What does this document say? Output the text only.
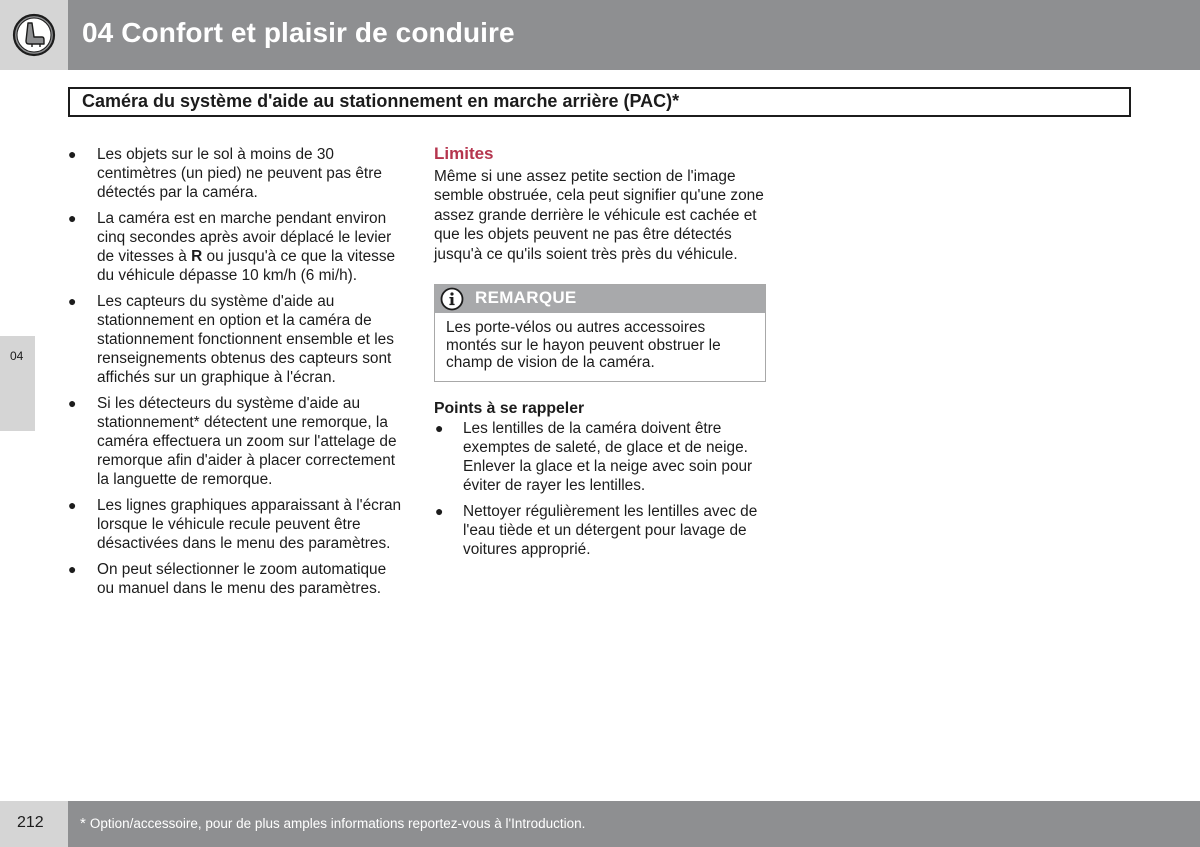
04 Confort et plaisir de conduire
Caméra du système d'aide au stationnement en marche arrière (PAC)*
04
● Les objets sur le sol à moins de 30 centimètres (un pied) ne peuvent pas être détectés par la caméra.
● La caméra est en marche pendant environ cinq secondes après avoir déplacé le levier de vitesses à R ou jusqu'à ce que la vitesse du véhicule dépasse 10 km/h (6 mi/h).
● Les capteurs du système d'aide au stationnement en option et la caméra de stationnement fonctionnent ensemble et les renseignements obtenus des capteurs sont affichés sur un graphique à l'écran.
● Si les détecteurs du système d'aide au stationnement* détectent une remorque, la caméra effectuera un zoom sur l'attelage de remorque afin d'aider à placer correctement la languette de remorque.
● Les lignes graphiques apparaissant à l'écran lorsque le véhicule recule peuvent être désactivées dans le menu des paramètres.
● On peut sélectionner le zoom automatique ou manuel dans le menu des paramètres.
Limites

Même si une assez petite section de l'image semble obstruée, cela peut signifier qu'une zone assez grande derrière le véhicule est cachée et que les objets peuvent ne pas être détectés jusqu'à ce qu'ils soient très près du véhicule.

REMARQUE
Les porte-vélos ou autres accessoires montés sur le hayon peuvent obstruer le champ de vision de la caméra.
Points à se rappeler
● Les lentilles de la caméra doivent être exemptes de saleté, de glace et de neige. Enlever la glace et la neige avec soin pour éviter de rayer les lentilles.
● Nettoyer régulièrement les lentilles avec de l'eau tiède et un détergent pour lavage de voitures approprié.
212 * Option/accessoire, pour de plus amples informations reportez-vous à l'Introduction.
